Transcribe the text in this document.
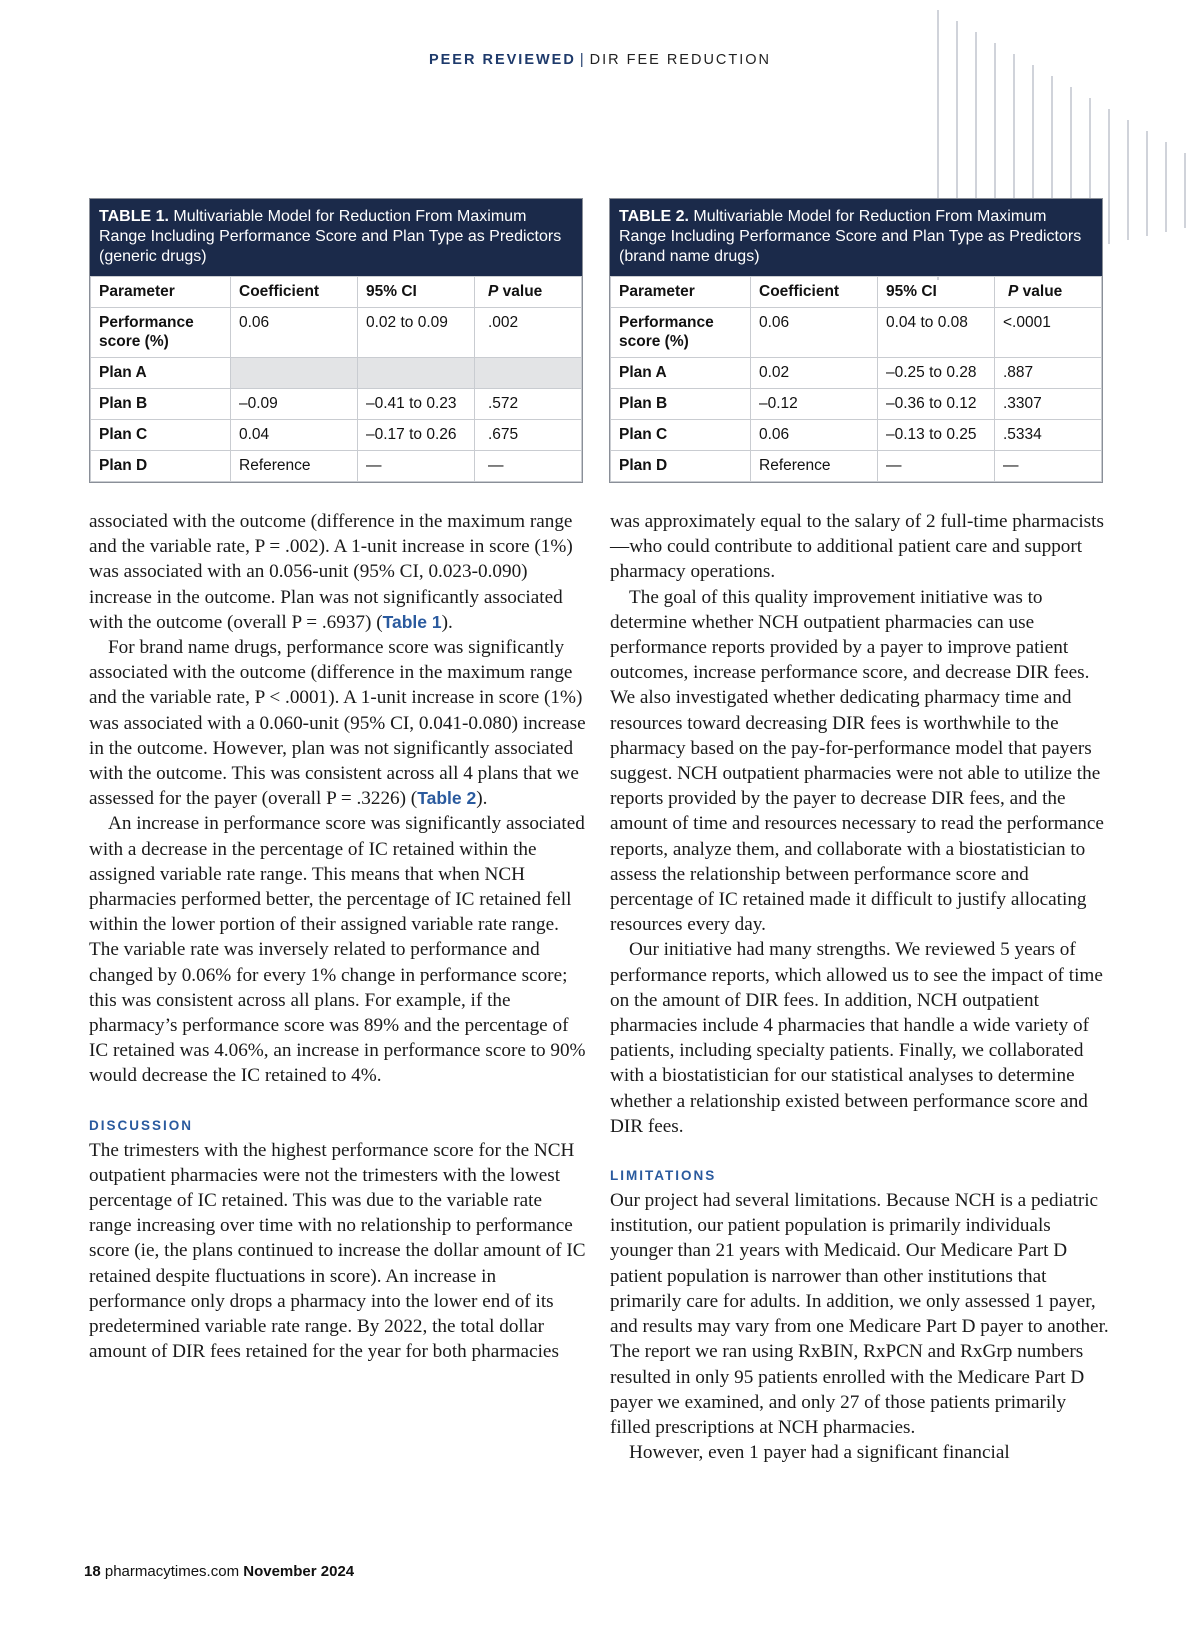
PEER REVIEWED | DIR FEE REDUCTION
TABLE 1. Multivariable Model for Reduction From Maximum Range Including Performance Score and Plan Type as Predictors (generic drugs)
Parameter	Coefficient	95% CI	P value
Performance score (%)	0.06	0.02 to 0.09	.002
Plan A			
Plan B	–0.09	–0.41 to 0.23	.572
Plan C	0.04	–0.17 to 0.26	.675
Plan D	Reference	—	—
TABLE 2. Multivariable Model for Reduction From Maximum Range Including Performance Score and Plan Type as Predictors (brand name drugs)
Parameter	Coefficient	95% CI	P value
Performance score (%)	0.06	0.04 to 0.08	<.0001
Plan A	0.02	–0.25 to 0.28	.887
Plan B	–0.12	–0.36 to 0.12	.3307
Plan C	0.06	–0.13 to 0.25	.5334
Plan D	Reference	—	—

associated with the outcome (difference in the maximum range and the variable rate, P = .002). A 1-unit increase in score (1%) was associated with an 0.056-unit (95% CI, 0.023-0.090) increase in the outcome. Plan was not significantly associated with the outcome (overall P = .6937) (Table 1).

For brand name drugs, performance score was significantly associated with the outcome (difference in the maximum range and the variable rate, P < .0001). A 1-unit increase in score (1%) was associated with a 0.060-unit (95% CI, 0.041-0.080) increase in the outcome. However, plan was not significantly associated with the outcome. This was consistent across all 4 plans that we assessed for the payer (overall P = .3226) (Table 2).

An increase in performance score was significantly associated with a decrease in the percentage of IC retained within the assigned variable rate range. This means that when NCH pharmacies performed better, the percentage of IC retained fell within the lower portion of their assigned variable rate range. The variable rate was inversely related to performance and changed by 0.06% for every 1% change in performance score; this was consistent across all plans. For example, if the pharmacy’s performance score was 89% and the percentage of IC retained was 4.06%, an increase in performance score to 90% would decrease the IC retained to 4%.

DISCUSSION

The trimesters with the highest performance score for the NCH outpatient pharmacies were not the trimesters with the lowest percentage of IC retained. This was due to the variable rate range increasing over time with no relationship to performance score (ie, the plans continued to increase the dollar amount of IC retained despite fluctuations in score). An increase in performance only drops a pharmacy into the lower end of its predetermined variable rate range. By 2022, the total dollar amount of DIR fees retained for the year for both pharmacies

was approximately equal to the salary of 2 full-time pharmacists—who could contribute to additional patient care and support pharmacy operations.

The goal of this quality improvement initiative was to determine whether NCH outpatient pharmacies can use performance reports provided by a payer to improve patient outcomes, increase performance score, and decrease DIR fees. We also investigated whether dedicating pharmacy time and resources toward decreasing DIR fees is worthwhile to the pharmacy based on the pay-for-performance model that payers suggest. NCH outpatient pharmacies were not able to utilize the reports provided by the payer to decrease DIR fees, and the amount of time and resources necessary to read the performance reports, analyze them, and collaborate with a biostatistician to assess the relationship between performance score and percentage of IC retained made it difficult to justify allocating resources every day.

Our initiative had many strengths. We reviewed 5 years of performance reports, which allowed us to see the impact of time on the amount of DIR fees. In addition, NCH outpatient pharmacies include 4 pharmacies that handle a wide variety of patients, including specialty patients. Finally, we collaborated with a biostatistician for our statistical analyses to determine whether a relationship existed between performance score and DIR fees.

LIMITATIONS

Our project had several limitations. Because NCH is a pediatric institution, our patient population is primarily individuals younger than 21 years with Medicaid. Our Medicare Part D patient population is narrower than other institutions that primarily care for adults. In addition, we only assessed 1 payer, and results may vary from one Medicare Part D payer to another. The report we ran using RxBIN, RxPCN and RxGrp numbers resulted in only 95 patients enrolled with the Medicare Part D payer we examined, and only 27 of those patients primarily filled prescriptions at NCH pharmacies.

However, even 1 payer had a significant financial

18 pharmacytimes.com November 2024
